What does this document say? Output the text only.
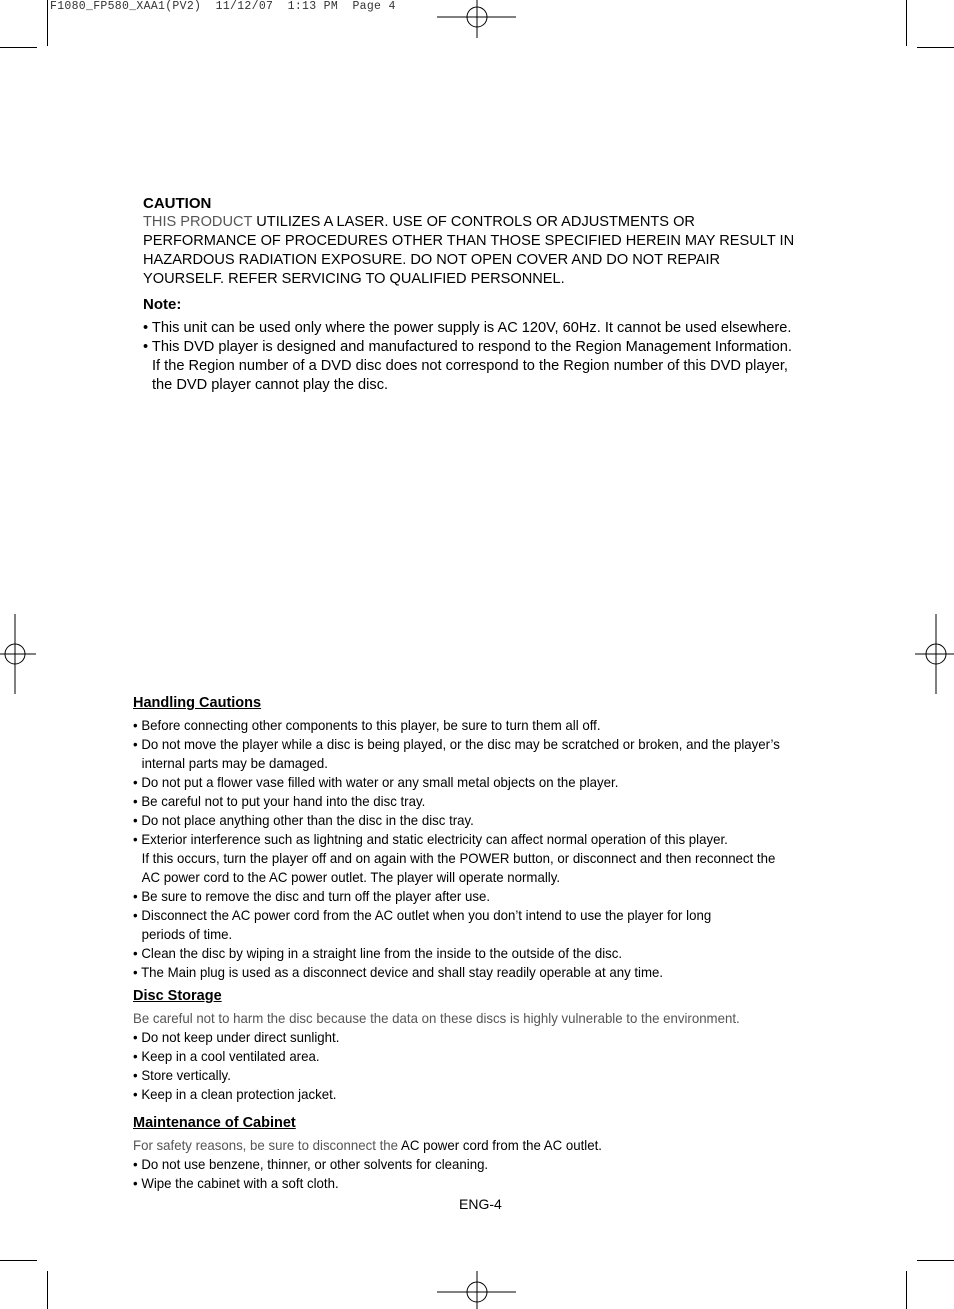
F1080_FP580_XAA1(PV2)  11/12/07  1:13 PM  Page 4
CAUTION
THIS PRODUCT UTILIZES A LASER. USE OF CONTROLS OR ADJUSTMENTS OR
PERFORMANCE OF PROCEDURES OTHER THAN THOSE SPECIFIED HEREIN MAY RESULT IN
HAZARDOUS RADIATION EXPOSURE. DO NOT OPEN COVER AND DO NOT REPAIR
YOURSELF. REFER SERVICING TO QUALIFIED PERSONNEL.
Note:
• This unit can be used only where the power supply is AC 120V, 60Hz. It cannot be used elsewhere.
• This DVD player is designed and manufactured to respond to the Region Management Information.
If the Region number of a DVD disc does not correspond to the Region number of this DVD player,
the DVD player cannot play the disc.
Handling Cautions
• Before connecting other components to this player, be sure to turn them all off.
• Do not move the player while a disc is being played, or the disc may be scratched or broken, and the player’s
internal parts may be damaged.
• Do not put a flower vase filled with water or any small metal objects on the player.
• Be careful not to put your hand into the disc tray.
• Do not place anything other than the disc in the disc tray.
• Exterior interference such as lightning and static electricity can affect normal operation of this player.
If this occurs, turn the player off and on again with the POWER button, or disconnect and then reconnect the
AC power cord to the AC power outlet. The player will operate normally.
• Be sure to remove the disc and turn off the player after use.
• Disconnect the AC power cord from the AC outlet when you don’t intend to use the player for long
periods of time.
• Clean the disc by wiping in a straight line from the inside to the outside of the disc.
• The Main plug is used as a disconnect device and shall stay readily operable at any time.
Disc Storage
Be careful not to harm the disc because the data on these discs is highly vulnerable to the environment.
• Do not keep under direct sunlight.
• Keep in a cool ventilated area.
• Store vertically.
• Keep in a clean protection jacket.
Maintenance of Cabinet
For safety reasons, be sure to disconnect the AC power cord from the AC outlet.
• Do not use benzene, thinner, or other solvents for cleaning.
• Wipe the cabinet with a soft cloth.
ENG-4
